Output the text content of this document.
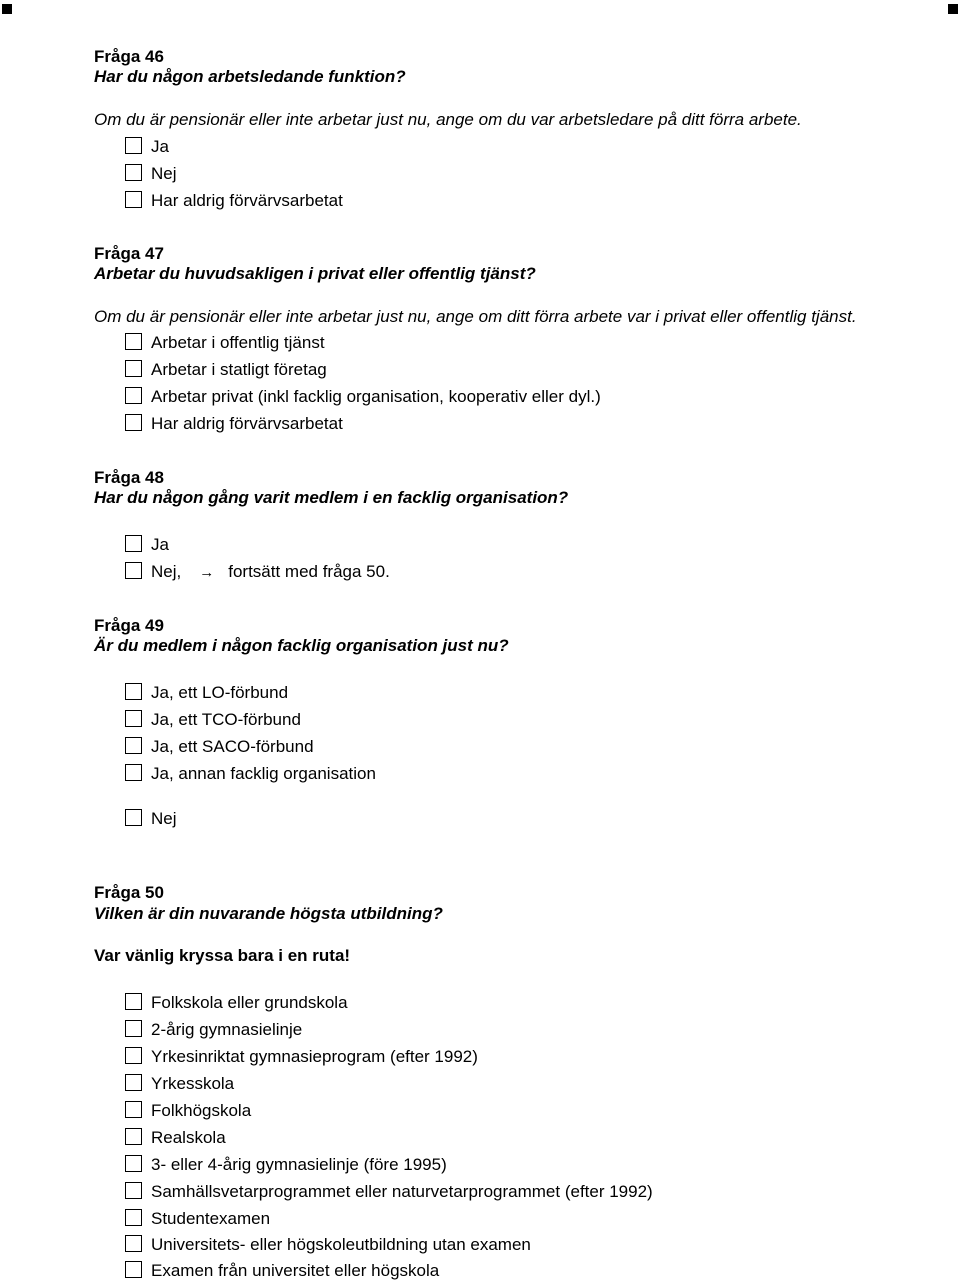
Fråga 46
Har du någon arbetsledande funktion?
Om du är pensionär eller inte arbetar just nu, ange om du var arbetsledare på ditt förra arbete.
Ja
Nej
Har aldrig förvärvsarbetat
Fråga 47
Arbetar du huvudsakligen i privat eller offentlig tjänst?
Om du är pensionär eller inte arbetar just nu, ange om ditt förra arbete var i privat eller offentlig tjänst.
Arbetar i offentlig tjänst
Arbetar i statligt företag
Arbetar privat (inkl facklig organisation, kooperativ eller dyl.)
Har aldrig förvärvsarbetat
Fråga 48
Har du någon gång varit medlem i en facklig organisation?
Ja
Nej, → fortsätt med fråga 50.
Fråga 49
Är du medlem i någon facklig organisation just nu?
Ja, ett LO-förbund
Ja, ett TCO-förbund
Ja, ett SACO-förbund
Ja, annan facklig organisation
Nej
Fråga 50
Vilken är din nuvarande högsta utbildning?
Var vänlig kryssa bara i en ruta!
Folkskola eller grundskola
2-årig gymnasielinje
Yrkesinriktat gymnasieprogram (efter 1992)
Yrkesskola
Folkhögskola
Realskola
3- eller 4-årig gymnasielinje (före 1995)
Samhällsvetarprogrammet eller naturvetarprogrammet (efter 1992)
Studentexamen
Universitets- eller högskoleutbildning utan examen
Examen från universitet eller högskola
